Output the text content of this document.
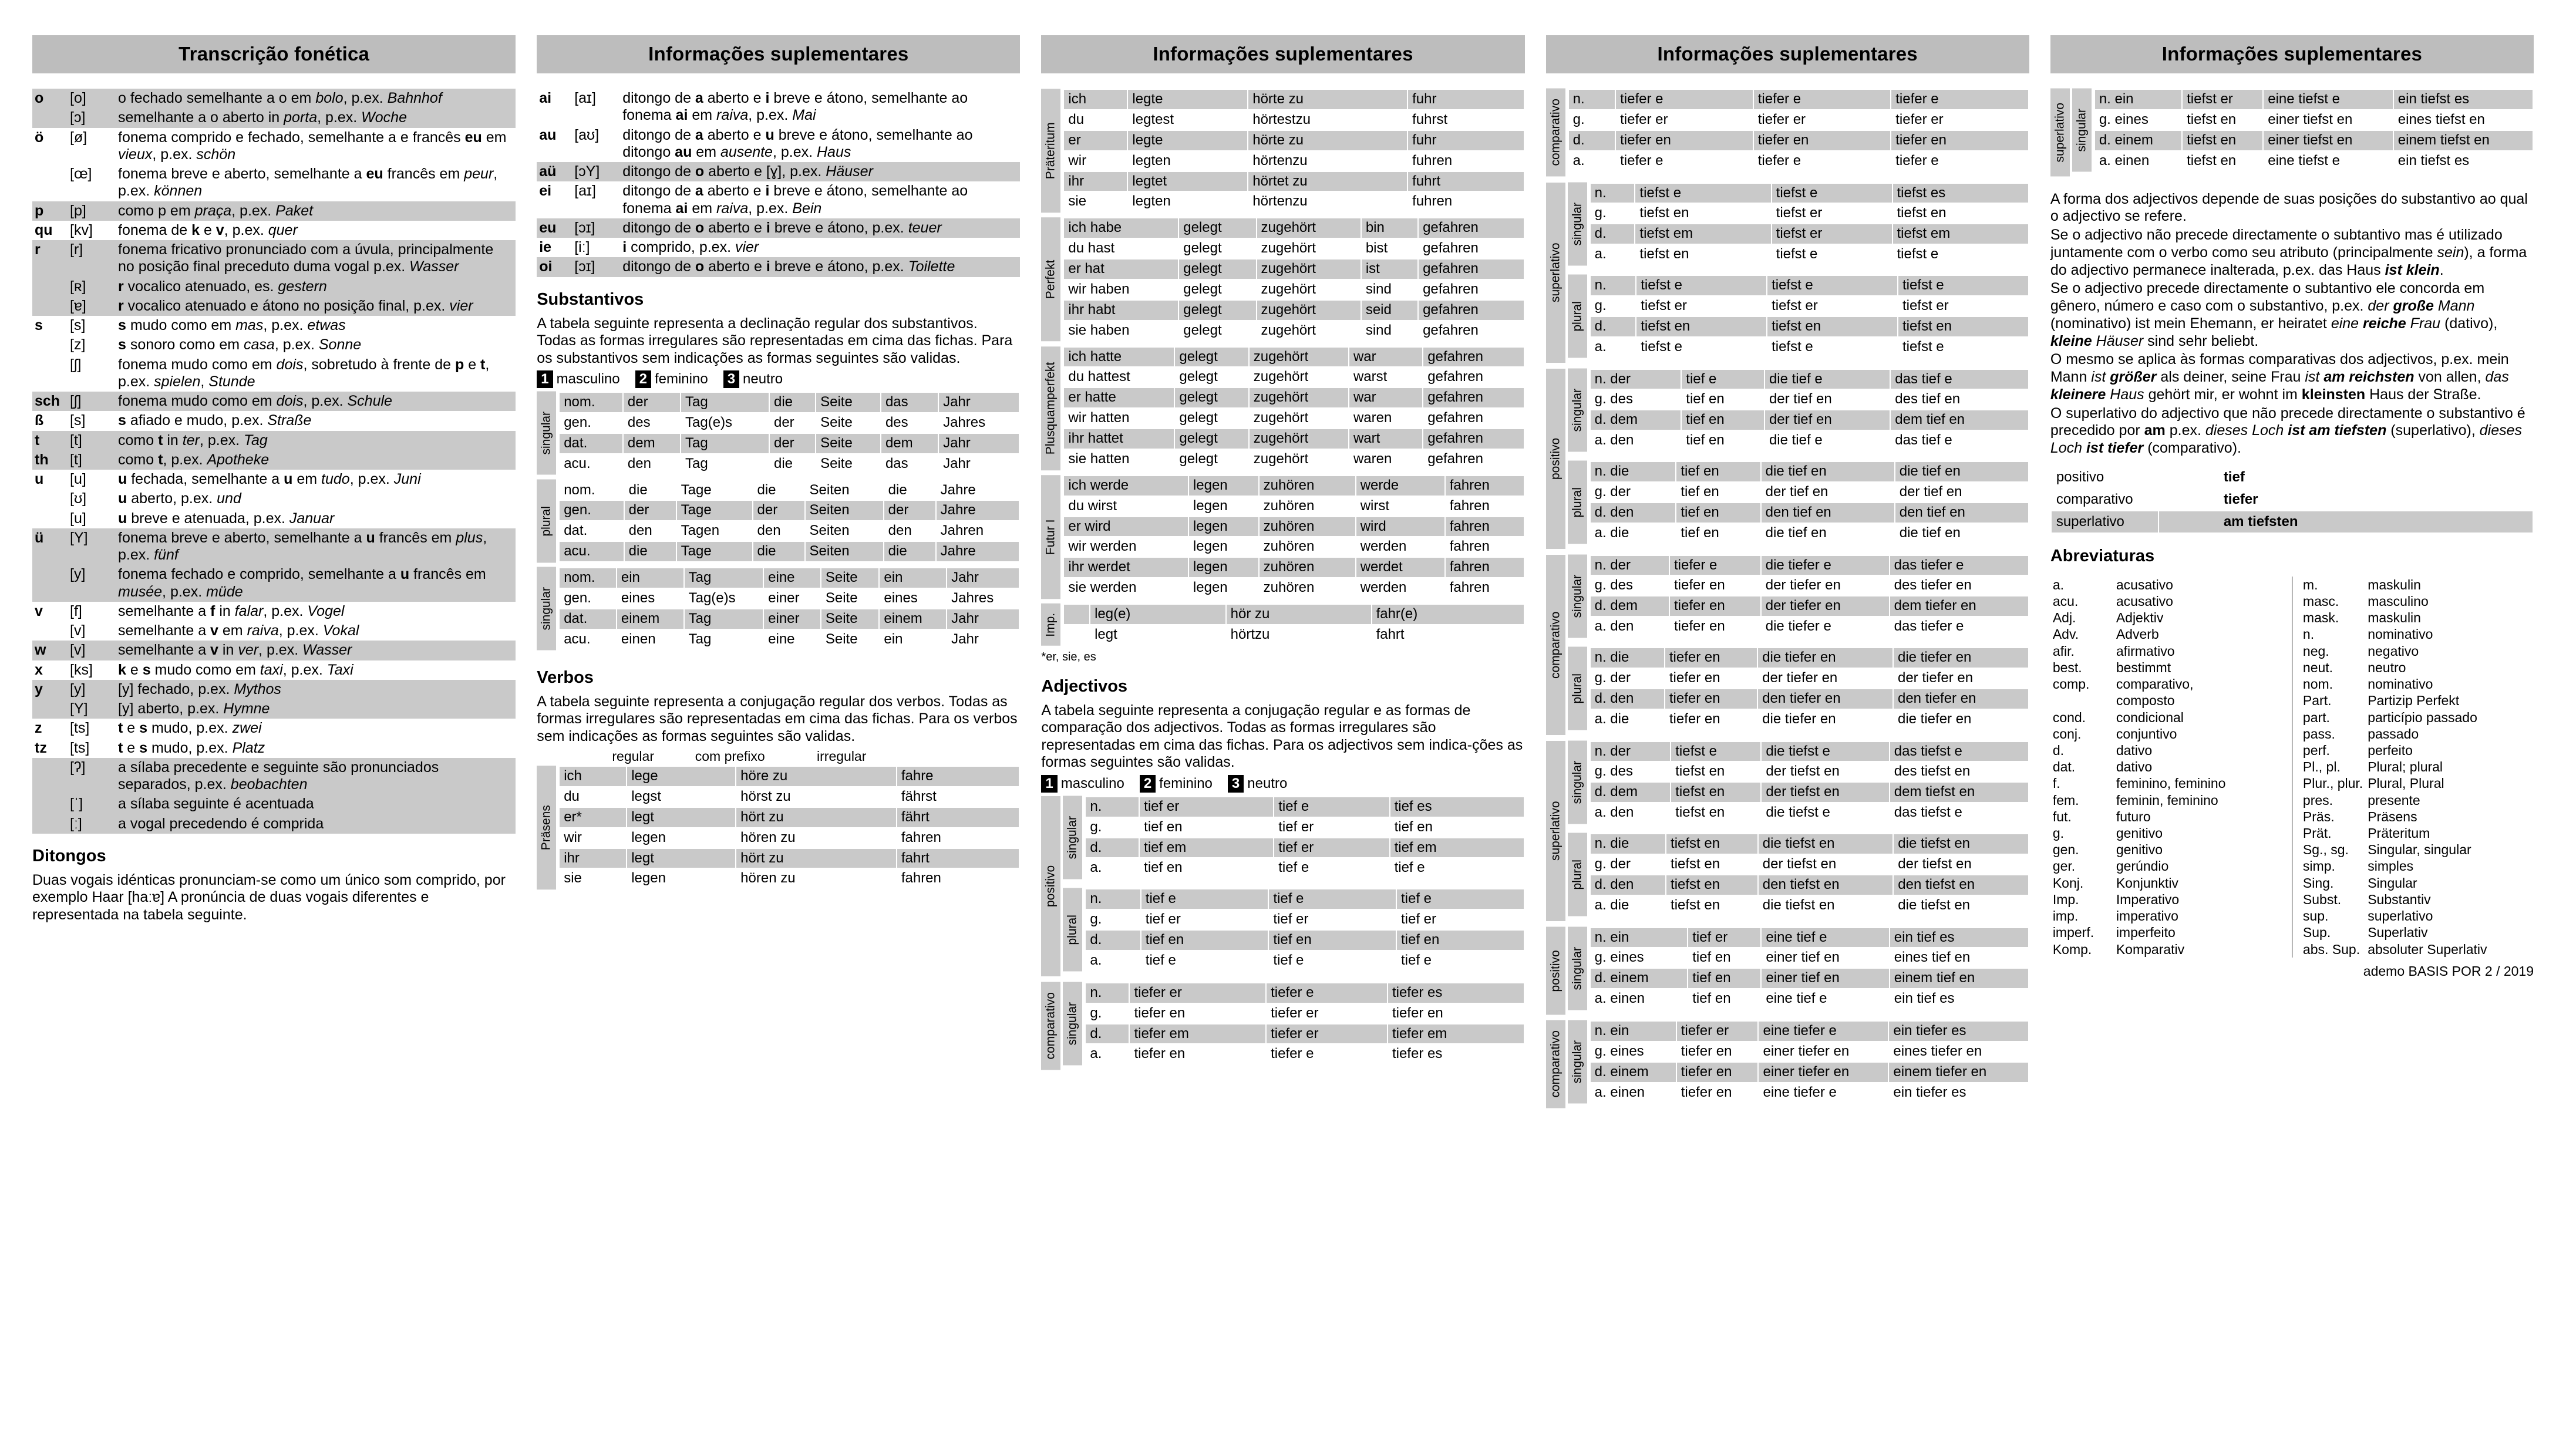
Transcrição fonética
o	[o]	o fechado semelhante a o em bolo, p.ex. Bahnhof
	[ɔ]	semelhante a o aberto in porta, p.ex. Woche
ö	[ø]	fonema comprido e fechado, semelhante a e francês eu em vieux, p.ex. schön
	[œ]	fonema breve e aberto, semelhante a eu francês em peur, p.ex. können
p	[p]	como p em praça, p.ex. Paket
qu	[kv]	fonema de k e v, p.ex. quer
r	[r]	fonema fricativo pronunciado com a úvula, principalmente no posição final preceduto duma vogal p.ex. Wasser
	[ʀ]	r vocalico atenuado, es. gestern
	[ɐ]	r vocalico atenuado e átono no posição final, p.ex. vier
s	[s]	s mudo como em mas, p.ex. etwas
	[z]	s sonoro como em casa, p.ex. Sonne
	[ʃ]	fonema mudo como em dois, sobretudo à frente de p e t, p.ex. spielen, Stunde
sch	[ʃ]	fonema mudo como em dois, p.ex. Schule
ß	[s]	s afiado e mudo, p.ex. Straße
t	[t]	como t in ter, p.ex. Tag
th	[t]	como t, p.ex. Apotheke
u	[u]	u fechada, semelhante a u em tudo, p.ex. Juni
	[ʊ]	u aberto, p.ex. und
	[u]	u breve e atenuada, p.ex. Januar
ü	[Y]	fonema breve e aberto, semelhante a u francês em plus, p.ex. fünf
	[y]	fonema fechado e comprido, semelhante a u francês em musée, p.ex. müde
v	[f]	semelhante a f in falar, p.ex. Vogel
	[v]	semelhante a v em raiva, p.ex. Vokal
w	[v]	semelhante a v in ver, p.ex. Wasser
x	[ks]	k e s mudo como em taxi, p.ex. Taxi
y	[y]	[y] fechado, p.ex. Mythos
	[Y]	[y] aberto, p.ex. Hymne
z	[ts]	t e s mudo, p.ex. zwei
tz	[ts]	t e s mudo, p.ex. Platz
	[ʔ]	a sílaba precedente e seguinte são pronunciados separados, p.ex. beobachten
	[ˈ]	a sílaba seguinte é acentuada
	[ː]	a vogal precedendo é comprida
Ditongos

Duas vogais idénticas pronunciam-se como um único som comprido, por exemplo Haar [haːɐ] A pronúncia de duas vogais diferentes e representada na tabela seguinte.

Informações suplementares
ai	[aɪ]	ditongo de a aberto e i breve e átono, semelhante ao fonema ai em raiva, p.ex. Mai
au	[aʊ]	ditongo de a aberto e u breve e átono, semelhante ao ditongo au em ausente, p.ex. Haus
aü	[ɔY]	ditongo de o aberto e [ɣ], p.ex. Häuser
ei	[aɪ]	ditongo de a aberto e i breve e átono, semelhante ao fonema ai em raiva, p.ex. Bein
eu	[ɔɪ]	ditongo de o aberto e i breve e átono, p.ex. teuer
ie	[iː]	i comprido, p.ex. vier
oi	[ɔɪ]	ditongo de o aberto e i breve e átono, p.ex. Toilette
Substantivos

A tabela seguinte representa a declinação regular dos substantivos. Todas as formas irregulares são representadas em cima das fichas. Para os substantivos sem indicações as formas seguintes são validas.

1 masculino 2 feminino 3 neutro
singular
nom.	der	Tag	die	Seite	das	Jahr
gen.	des	Tag(e)s	der	Seite	des	Jahres
dat.	dem	Tag	der	Seite	dem	Jahr
acu.	den	Tag	die	Seite	das	Jahr
plural
nom.	die	Tage	die	Seiten	die	Jahre
gen.	der	Tage	der	Seiten	der	Jahre
dat.	den	Tagen	den	Seiten	den	Jahren
acu.	die	Tage	die	Seiten	die	Jahre
singular
nom.	ein	Tag	eine	Seite	ein	Jahr
gen.	eines	Tag(e)s	einer	Seite	eines	Jahres
dat.	einem	Tag	einer	Seite	einem	Jahr
acu.	einen	Tag	eine	Seite	ein	Jahr
Verbos

A tabela seguinte representa a conjugação regular dos verbos. Todas as formas irregulares são representadas em cima das fichas. Para os verbos sem indicações as formas seguintes são validas.

regular	com prefixo	irregular
Präsens
ich	lege	höre zu	fahre
du	legst	hörst zu	fährst
er*	legt	hört zu	fährt
wir	legen	hören zu	fahren
ihr	legt	hört zu	fahrt
sie	legen	hören zu	fahren
Informações suplementares
Präteritum
ich	legte	hörte zu	fuhr
du	legtest	hörtestzu	fuhrst
er	legte	hörte zu	fuhr
wir	legten	hörtenzu	fuhren
ihr	legtet	hörtet zu	fuhrt
sie	legten	hörtenzu	fuhren
Perfekt
ich habe	gelegt	zugehört	bin	gefahren
du hast	gelegt	zugehört	bist	gefahren
er hat	gelegt	zugehört	ist	gefahren
wir haben	gelegt	zugehört	sind	gefahren
ihr habt	gelegt	zugehört	seid	gefahren
sie haben	gelegt	zugehört	sind	gefahren
Plusquamperfekt
ich hatte	gelegt	zugehört	war	gefahren
du hattest	gelegt	zugehört	warst	gefahren
er hatte	gelegt	zugehört	war	gefahren
wir hatten	gelegt	zugehört	waren	gefahren
ihr hattet	gelegt	zugehört	wart	gefahren
sie hatten	gelegt	zugehört	waren	gefahren
Futur I
ich werde	legen	zuhören	werde	fahren
du wirst	legen	zuhören	wirst	fahren
er wird	legen	zuhören	wird	fahren
wir werden	legen	zuhören	werden	fahren
ihr werdet	legen	zuhören	werdet	fahren
sie werden	legen	zuhören	werden	fahren
Imp.
		leg(e)	hör zu	fahr(e)
	legt	hörtzu	fahrt
*er, sie, es
Adjectivos

A tabela seguinte representa a conjugação regular e as formas de comparação dos adjectivos. Todas as formas irregulares são representadas em cima das fichas. Para os adjectivos sem indica-ções as formas seguintes são validas.

1 masculino 2 feminino 3 neutro
positivo
singular
n.	tief er	tief e	tief es
g.	tief en	tief er	tief en
d.	tief em	tief er	tief em
a.	tief en	tief e	tief e
plural
n.	tief e	tief e	tief e
g.	tief er	tief er	tief er
d.	tief en	tief en	tief en
a.	tief e	tief e	tief e
comparativo singular
n.	tiefer er	tiefer e	tiefer es
g.	tiefer en	tiefer er	tiefer en
d.	tiefer em	tiefer er	tiefer em
a.	tiefer en	tiefer e	tiefer es
Informações suplementares
comparativo
n.	tiefer e	tiefer e	tiefer e
g.	tiefer er	tiefer er	tiefer er
d.	tiefer en	tiefer en	tiefer en
a.	tiefer e	tiefer e	tiefer e
superlativo
singular
n.	tiefst e	tiefst e	tiefst es
g.	tiefst en	tiefst er	tiefst en
d.	tiefst em	tiefst er	tiefst em
a.	tiefst en	tiefst e	tiefst e
plural
n.	tiefst e	tiefst e	tiefst e
g.	tiefst er	tiefst er	tiefst er
d.	tiefst en	tiefst en	tiefst en
a.	tiefst e	tiefst e	tiefst e
positivo
singular
n. der	tief e	die tief e	das tief e
g. des	tief en	der tief en	des tief en
d. dem	tief en	der tief en	dem tief en
a. den	tief en	die tief e	das tief e
plural
n. die	tief en	die tief en	die tief en
g. der	tief en	der tief en	der tief en
d. den	tief en	den tief en	den tief en
a. die	tief en	die tief en	die tief en
comparativo
singular
n. der	tiefer e	die tiefer e	das tiefer e
g. des	tiefer en	der tiefer en	des tiefer en
d. dem	tiefer en	der tiefer en	dem tiefer en
a. den	tiefer en	die tiefer e	das tiefer e
plural
n. die	tiefer en	die tiefer en	die tiefer en
g. der	tiefer en	der tiefer en	der tiefer en
d. den	tiefer en	den tiefer en	den tiefer en
a. die	tiefer en	die tiefer en	die tiefer en
superlativo
singular
n. der	tiefst e	die tiefst e	das tiefst e
g. des	tiefst en	der tiefst en	des tiefst en
d. dem	tiefst en	der tiefst en	dem tiefst en
a. den	tiefst en	die tiefst e	das tiefst e
plural
n. die	tiefst en	die tiefst en	die tiefst en
g. der	tiefst en	der tiefst en	der tiefst en
d. den	tiefst en	den tiefst en	den tiefst en
a. die	tiefst en	die tiefst en	die tiefst en
positivo singular
n. ein	tief er	eine tief e	ein tief es
g. eines	tief en	einer tief en	eines tief en
d. einem	tief en	einer tief en	einem tief en
a. einen	tief en	eine tief e	ein tief es
comparativo singular
n. ein	tiefer er	eine tiefer e	ein tiefer es
g. eines	tiefer en	einer tiefer en	eines tiefer en
d. einem	tiefer en	einer tiefer en	einem tiefer en
a. einen	tiefer en	eine tiefer e	ein tiefer es
Informações suplementares
superlativo singular
n. ein	tiefst er	eine tiefst e	ein tiefst es
g. eines	tiefst en	einer tiefst en	eines tiefst en
d. einem	tiefst en	einer tiefst en	einem tiefst en
a. einen	tiefst en	eine tiefst e	ein tiefst es

A forma dos adjectivos depende de suas posições do substantivo ao qual o adjectivo se refere.

Se o adjectivo não precede directamente o subtantivo mas é utilizado juntamente com o verbo como seu atributo (principalmente sein), a forma do adjectivo permanece inalterada, p.ex. das Haus ist klein.

Se o adjectivo precede directamente o subtantivo ele concorda em gênero, número e caso com o substantivo, p.ex. der große Mann (nominativo) ist mein Ehemann, er heiratet eine reiche Frau (dativo), kleine Häuser sind sehr beliebt.

O mesmo se aplica às formas comparativas dos adjectivos, p.ex. mein Mann ist größer als deiner, seine Frau ist am reichsten von allen, das kleinere Haus gehört mir, er wohnt im kleinsten Haus der Straße.

O superlativo do adjectivo que não precede directamente o substantivo é precedido por am p.ex. dieses Loch ist am tiefsten (superlativo), dieses Loch ist tiefer (comparativo).

positivo	tief
comparativo	tiefer
superlativo	am tiefsten
Abreviaturas
a.	acusativo
acu.	acusativo
Adj.	Adjektiv
Adv.	Adverb
afir.	afirmativo
best.	bestimmt
comp.	comparativo,
	composto
cond.	condicional
conj.	conjuntivo
d.	dativo
dat.	dativo
f.	feminino, feminino
fem.	feminin, feminino
fut.	futuro
g.	genitivo
gen.	genitivo
ger.	gerúndio
Konj.	Konjunktiv
Imp.	Imperativo
imp.	imperativo
imperf.	imperfeito
Komp.	Komparativ
m.	maskulin
masc.	masculino
mask.	maskulin
n.	nominativo
neg.	negativo
neut.	neutro
nom.	nominativo
Part.	Partizip Perfekt
part.	particípio passado
pass.	passado
perf.	perfeito
Pl., pl.	Plural; plural
Plur., plur.	Plural, Plural
pres.	presente
Präs.	Präsens
Prät.	Präteritum
Sg., sg.	Singular, singular
simp.	simples
Sing.	Singular
Subst.	Substantiv
sup.	superlativo
Sup.	Superlativ
abs. Sup.	absoluter Superlativ
ademo BASIS POR 2 / 2019
